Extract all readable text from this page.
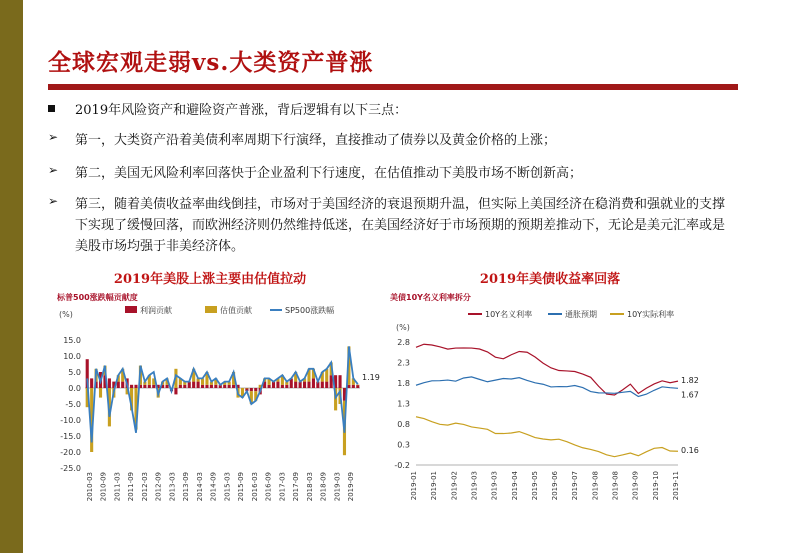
全球宏观走弱vs.大类资产普涨
2019年风险资产和避险资产普涨，背后逻辑有以下三点：
➢ 第一，大类资产沿着美债利率周期下行演绎，直接推动了债券以及黄金价格的上涨；
➢ 第二，美国无风险利率回落快于企业盈利下行速度，在估值推动下美股市场不断创新高；
➢ 第三，随着美债收益率曲线倒挂，市场对于美国经济的衰退预期升温，但实际上美国经济在稳消费和强就业的支撑下实现了缓慢回落，而欧洲经济则仍然维持低迷，在美国经济好于市场预期的预期差推动下，无论是美元汇率或是美股市场均强于非美经济体。
2019年美股上涨主要由估值拉动	2019年美债收益率回落
标普500涨跌幅贡献度
(%)	利润贡献	估值贡献	SP500涨跌幅
15.0
10.0
5.0
0.0
-5.0
-10.0
-15.0
-20.0
-25.0
1.19
2010-03 2010-09 2011-03 2011-09 2012-03 2012-09 2013-03 2013-09 2014-03 2014-09 2015-03 2015-09 2016-03 2016-09 2017-03 2017-09 2018-03 2018-09 2019-03 2019-09
美债10Y名义利率拆分
(%)
10Y名义利率	通胀预期	10Y实际利率
2.8
2.3
1.8
1.3
0.8
0.3
-0.2
1.82
1.67
0.16
2019-01 2019-01 2019-02 2019-03 2019-03 2019-04 2019-05 2019-06 2019-07 2019-08 2019-08 2019-09 2019-10 2019-11
